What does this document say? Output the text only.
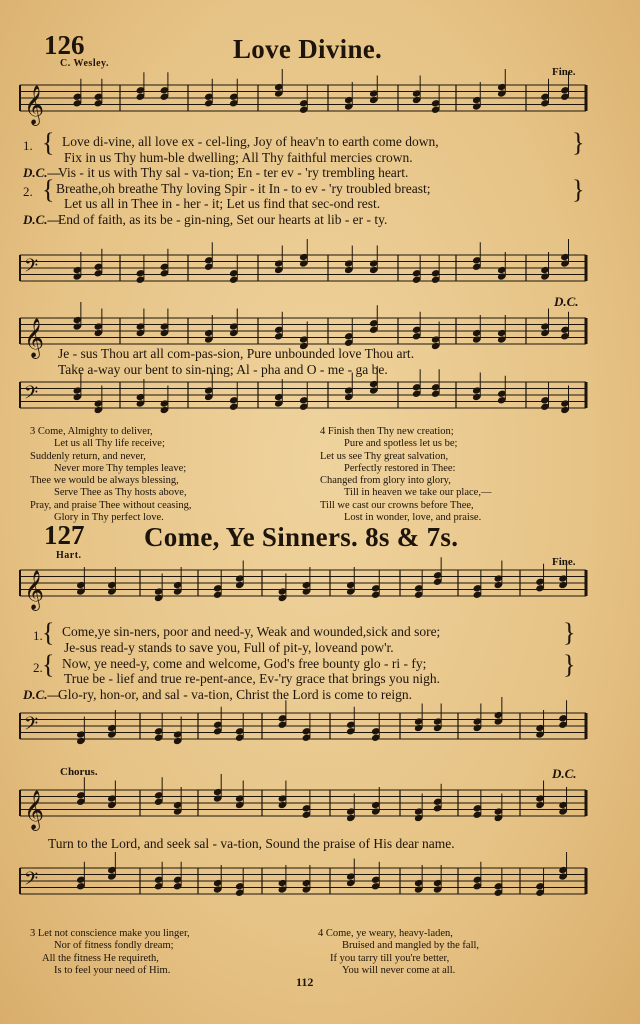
𝄞
𝄢
𝄞
𝄢
𝄞
𝄢
𝄞
𝄢
126	Love Divine.
C. Wesley.
Fine.
{
{
}
}
1. Love di-vine, all love ex - cel-ling, Joy of heav'n to earth come down,
Fix in us Thy hum-ble dwelling; All Thy faithful mercies crown.
D.C.—
Vis - it us with Thy sal - va-tion; En - ter ev - 'ry trembling heart.
2. Breathe,oh breathe Thy loving Spir - it In - to ev - 'ry troubled breast;
Let us all in Thee in - her - it; Let us find that sec-ond rest.
D.C.—
End of faith, as its be - gin-ning, Set our hearts at lib - er - ty.
D.C.
Je - sus Thou art all com-pas-sion, Pure unbounded love Thou art.
Take a-way our bent to sin-ning; Al - pha and O - me - ga be.
3 Come, Almighty to deliver,
Let us all Thy life receive;
Suddenly return, and never,
Never more Thy temples leave;
Thee we would be always blessing,
Serve Thee as Thy hosts above,
Pray, and praise Thee without ceasing,
Glory in Thy perfect love.
4 Finish then Thy new creation;
Pure and spotless let us be;
Let us see Thy great salvation,
Perfectly restored in Thee:
Changed from glory into glory,
Till in heaven we take our place,—
Till we cast our crowns before Thee,
Lost in wonder, love, and praise.
127 Come, Ye Sinners. 8s & 7s.
Hart.
Fine.
{
{
}
}
1. Come,ye sin-ners, poor and need-y, Weak and wounded,sick and sore;
Je-sus read-y stands to save you, Full of pit-y, loveand pow'r.
2. Now, ye need-y, come and welcome, God's free bounty glo - ri - fy;
True be - lief and true re-pent-ance, Ev-'ry grace that brings you nigh.
D.C.—
Glo-ry, hon-or, and sal - va-tion, Christ the Lord is come to reign.
Chorus.	D.C.
Turn to the Lord, and seek sal - va-tion, Sound the praise of His dear name.
3 Let not conscience make you linger,
Nor of fitness fondly dream;
All the fitness He requireth,
Is to feel your need of Him.
4 Come, ye weary, heavy-laden,
Bruised and mangled by the fall,
If you tarry till you're better,
You will never come at all.
112
